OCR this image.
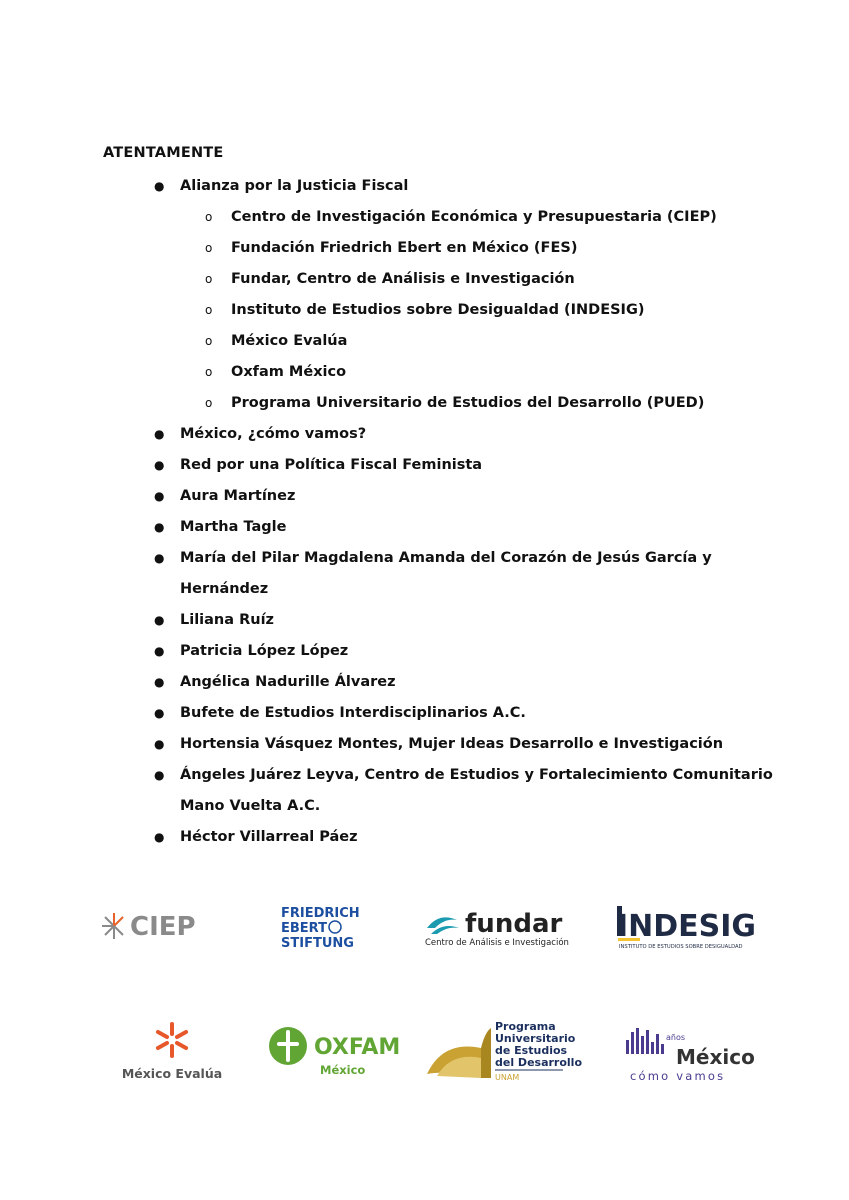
ATENTAMENTE
● Alianza por la Justicia Fiscal
o Centro de Investigación Económica y Presupuestaria (CIEP)
o Fundación Friedrich Ebert en México (FES)
o Fundar, Centro de Análisis e Investigación
o Instituto de Estudios sobre Desigualdad (INDESIG)
o México Evalúa
o Oxfam México
o Programa Universitario de Estudios del Desarrollo (PUED)
● México, ¿cómo vamos?
● Red por una Política Fiscal Feminista
● Aura Martínez
● Martha Tagle
● María del Pilar Magdalena Amanda del Corazón de Jesús García y
Hernández
● Liliana Ruíz
● Patricia López López
● Angélica Nadurille Álvarez
● Bufete de Estudios Interdisciplinarios A.C.
● Hortensia Vásquez Montes, Mujer Ideas Desarrollo e Investigación
● Ángeles Juárez Leyva, Centro de Estudios y Fortalecimiento Comunitario
Mano Vuelta A.C.
● Héctor Villarreal Páez
CIEP	FRIEDRICH
EBERT
STIFTUNG
fundar
Centro de Análisis e Investigación INDESIG
INSTITUTO DE ESTUDIOS SOBRE DESIGUALDAD
México Evalúa
OXFAM
México
Programa
Universitario
de Estudios
del Desarrollo
UNAM
años
México
cómo vamos
